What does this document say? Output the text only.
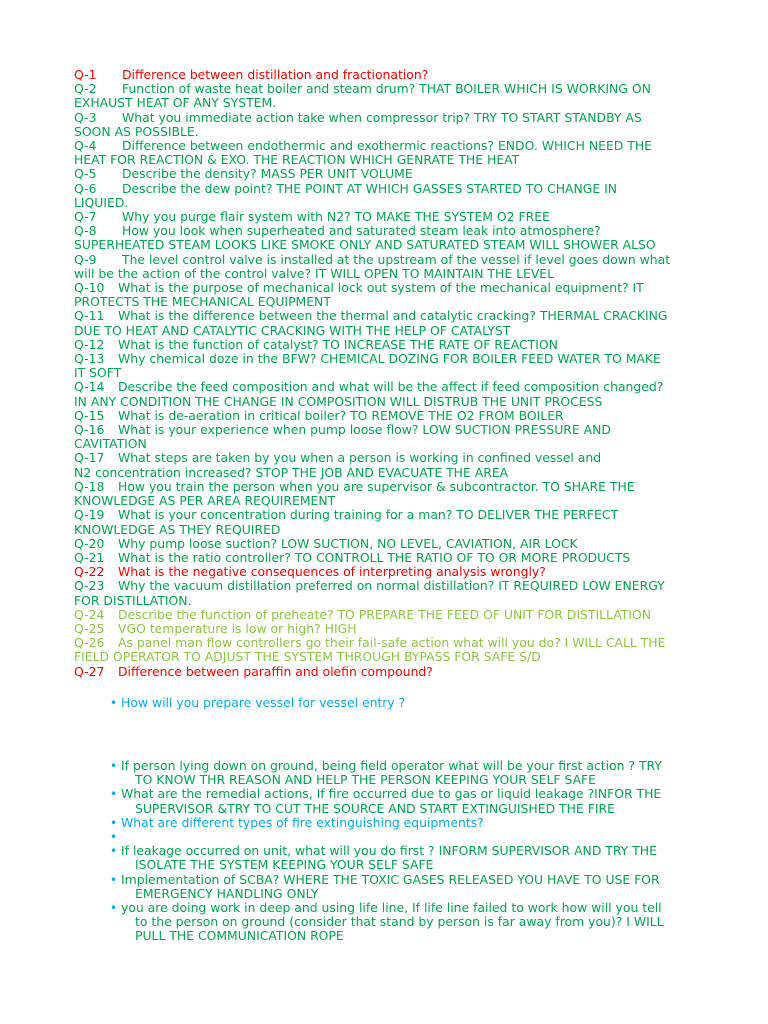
Q-1	Difference between distillation and fractionation?
Q-2	Function of waste heat boiler and steam drum? THAT BOILER WHICH IS WORKING ON
EXHAUST HEAT OF ANY SYSTEM.
Q-3	What you immediate action take when compressor trip? TRY TO START STANDBY AS
SOON AS POSSIBLE.
Q-4	Difference between endothermic and exothermic reactions? ENDO. WHICH NEED THE
HEAT FOR REACTION & EXO. THE REACTION WHICH GENRATE THE HEAT
Q-5	Describe the density? MASS PER UNIT VOLUME
Q-6	Describe the dew point? THE POINT AT WHICH GASSES STARTED TO CHANGE IN
LIQUIED.
Q-7	Why you purge flair system with N2? TO MAKE THE SYSTEM O2 FREE
Q-8	How you look when superheated and saturated steam leak into atmosphere?
SUPERHEATED STEAM LOOKS LIKE SMOKE ONLY AND SATURATED STEAM WILL SHOWER ALSO
Q-9	The level control valve is installed at the upstream of the vessel if level goes down what
will be the action of the control valve? IT WILL OPEN TO MAINTAIN THE LEVEL
Q-10	What is the purpose of mechanical lock out system of the mechanical equipment? IT
PROTECTS THE MECHANICAL EQUIPMENT
Q-11	What is the difference between the thermal and catalytic cracking? THERMAL CRACKING
DUE TO HEAT AND CATALYTIC CRACKING WITH THE HELP OF CATALYST
Q-12	What is the function of catalyst? TO INCREASE THE RATE OF REACTION
Q-13	Why chemical doze in the BFW? CHEMICAL DOZING FOR BOILER FEED WATER TO MAKE
IT SOFT
Q-14	Describe the feed composition and what will be the affect if feed composition changed?
IN ANY CONDITION THE CHANGE IN COMPOSITION WILL DISTRUB THE UNIT PROCESS
Q-15	What is de-aeration in critical boiler? TO REMOVE THE O2 FROM BOILER
Q-16	What is your experience when pump loose flow? LOW SUCTION PRESSURE AND
CAVITATION
Q-17	What steps are taken by you when a person is working in confined vessel and
N2 concentration increased? STOP THE JOB AND EVACUATE THE AREA
Q-18	How you train the person when you are supervisor & subcontractor. TO SHARE THE
KNOWLEDGE AS PER AREA REQUIREMENT
Q-19	What is your concentration during training for a man? TO DELIVER THE PERFECT
KNOWLEDGE AS THEY REQUIRED
Q-20	Why pump loose suction? LOW SUCTION, NO LEVEL, CAVIATION, AIR LOCK
Q-21	What is the ratio controller? TO CONTROLL THE RATIO OF TO OR MORE PRODUCTS
Q-22	What is the negative consequences of interpreting analysis wrongly?
Q-23	Why the vacuum distillation preferred on normal distillation? IT REQUIRED LOW ENERGY
FOR DISTILLATION.
Q-24	Describe the function of preheate? TO PREPARE THE FEED OF UNIT FOR DISTILLATION
Q-25	VGO temperature is low or high? HIGH
Q-26	As panel man flow controllers go their fail-safe action what will you do? I WILL CALL THE
FIELD OPERATOR TO ADJUST THE SYSTEM THROUGH BYPASS FOR SAFE S/D
Q-27	Difference between paraffin and olefin compound?
• How will you prepare vessel for vessel entry ?
• If person lying down on ground, being field operator what will be your first action ? TRY
TO KNOW THR REASON AND HELP THE PERSON KEEPING YOUR SELF SAFE
• What are the remedial actions, If fire occurred due to gas or liquid leakage ?INFOR THE
SUPERVISOR &TRY TO CUT THE SOURCE AND START EXTINGUISHED THE FIRE
• What are different types of fire extinguishing equipments?
•

• If leakage occurred on unit, what will you do first ? INFORM SUPERVISOR AND TRY THE
ISOLATE THE SYSTEM KEEPING YOUR SELF SAFE
• Implementation of SCBA? WHERE THE TOXIC GASES RELEASED YOU HAVE TO USE FOR
EMERGENCY HANDLING ONLY
• you are doing work in deep and using life line, If life line failed to work how will you tell
to the person on ground (consider that stand by person is far away from you)? I WILL
PULL THE COMMUNICATION ROPE
